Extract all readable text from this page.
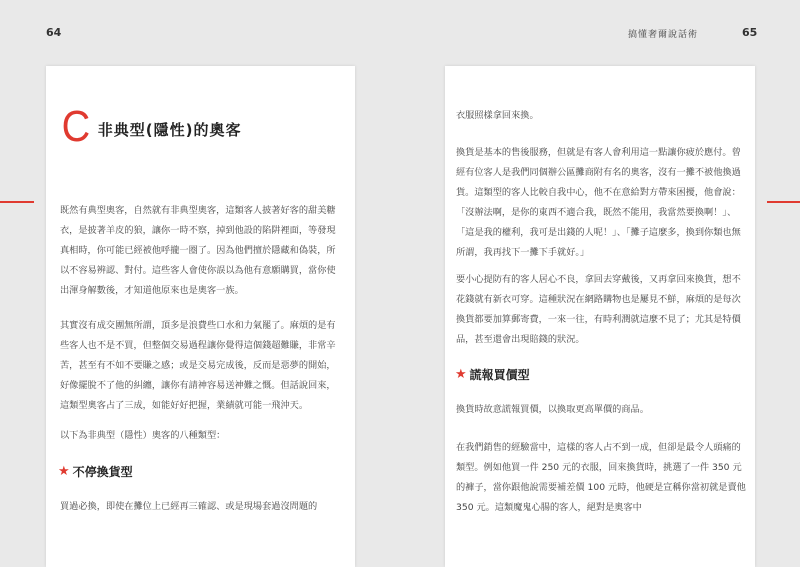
64	搞懂奢爾說話術	65
C 非典型(隱性)的奧客

既然有典型奧客，自然就有非典型奧客，這類客人披著好客的甜美糖衣，是披著羊皮的狼，讓你一時不察，掉到他設的陷阱裡面，等發現真相時，你可能已經被他呼攏一圈了。因為他們擅於隱藏和偽裝，所以不容易辨認、對付。這些客人會使你誤以為他有意願購買，當你使出渾身解數後，才知道他原來也是奧客一族。

其實沒有成交團無所謂，頂多是浪費些口水和力氣罷了。麻煩的是有些客人也不是不買，但整個交易過程讓你覺得這個錢超難賺，非常辛苦，甚至有不如不要賺之感；或是交易完成後，反而是惡夢的開始，好像擺脫不了他的糾纏，讓你有請神容易送神難之慨。但話說回來，這類型奧客占了三成，如能好好把握，業績就可能一飛沖天。

以下為非典型（隱性）奧客的八種類型：

★ 不停換貨型

買過必換，即使在攤位上已經再三確認、或是現場套過沒問題的

衣服照樣拿回來換。

換貨是基本的售後服務，但就是有客人會利用這一點讓你疲於應付。曾經有位客人是我們同個辦公區攤商附有名的奧客，沒有一攤不被他換過貨。這類型的客人比較自我中心，他不在意給對方帶來困擾，他會說：「沒辦法啊，是你的東西不適合我，既然不能用，我當然要換啊！」、「這是我的權利，我可是出錢的人呢！」、「攤子這麼多，換到你類也無所謂，我再找下一攤下手就好。」

要小心提防有的客人居心不良，拿回去穿戴後，又再拿回來換貨，想不花錢就有新衣可穿。這種狀況在網路購物也是屢見不鮮，麻煩的是每次換貨都要加算郵寄費，一來一往，有時利潤就這麼不見了；尤其是特價品，甚至還會出現賠錢的狀況。

★ 謊報買價型

換貨時故意謊報買價，以換取更高單價的商品。

在我們銷售的經驗當中，這樣的客人占不到一成，但卻是最令人頭痛的類型。例如他買一件 250 元的衣服，回來換貨時，挑選了一件 350 元的褲子，當你跟他說需要補差價 100 元時，他硬是宣稱你當初就是賣他 350 元。這類魔鬼心腸的客人，絕對是奧客中
